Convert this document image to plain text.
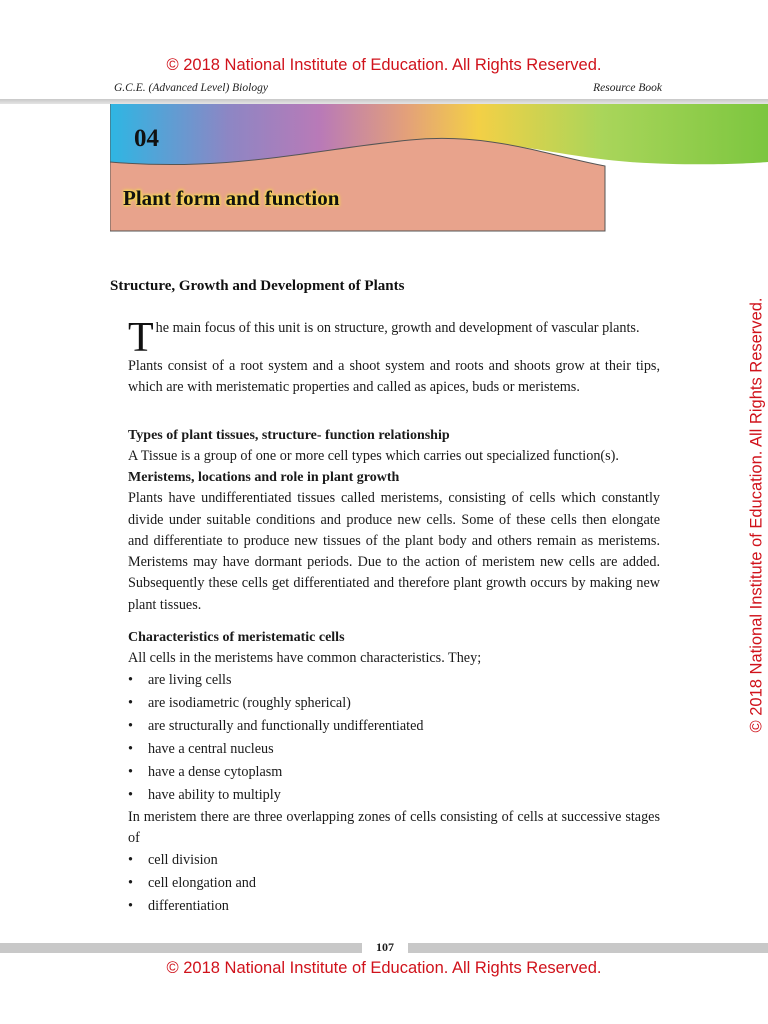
© 2018 National Institute of Education. All Rights Reserved.
G.C.E. (Advanced Level) Biology	Resource Book
04
Plant form and function
Structure, Growth and Development of Plants

The main focus of this unit is on structure, growth and development of vascular plants.

Plants consist of a root system and a shoot system and roots and shoots grow at their tips, which are with meristematic properties and called as apices, buds or meristems.

Types of plant tissues, structure- function relationship

A Tissue is a group of one or more cell types which carries out specialized function(s).

Meristems, locations and role in plant growth

Plants have undifferentiated tissues called meristems, consisting of cells which constantly divide under suitable conditions and produce new cells. Some of these cells then elongate and differentiate to produce new tissues of the plant body and others remain as meristems. Meristems may have dormant periods. Due to the action of meristem new cells are added. Subsequently these cells get differentiated and therefore plant growth occurs by making new plant tissues.

Characteristics of meristematic cells

All cells in the meristems have common characteristics. They;

• are living cells
• are isodiametric (roughly spherical)
• are structurally and functionally undifferentiated
• have a central nucleus
• have a dense cytoplasm
• have ability to multiply

In meristem there are three overlapping zones of cells consisting of cells at successive stages of

• cell division
• cell elongation and
• differentiation
107
© 2018 National Institute of Education. All Rights Reserved.
© 2018 National Institute of Education. All Rights Reserved.
